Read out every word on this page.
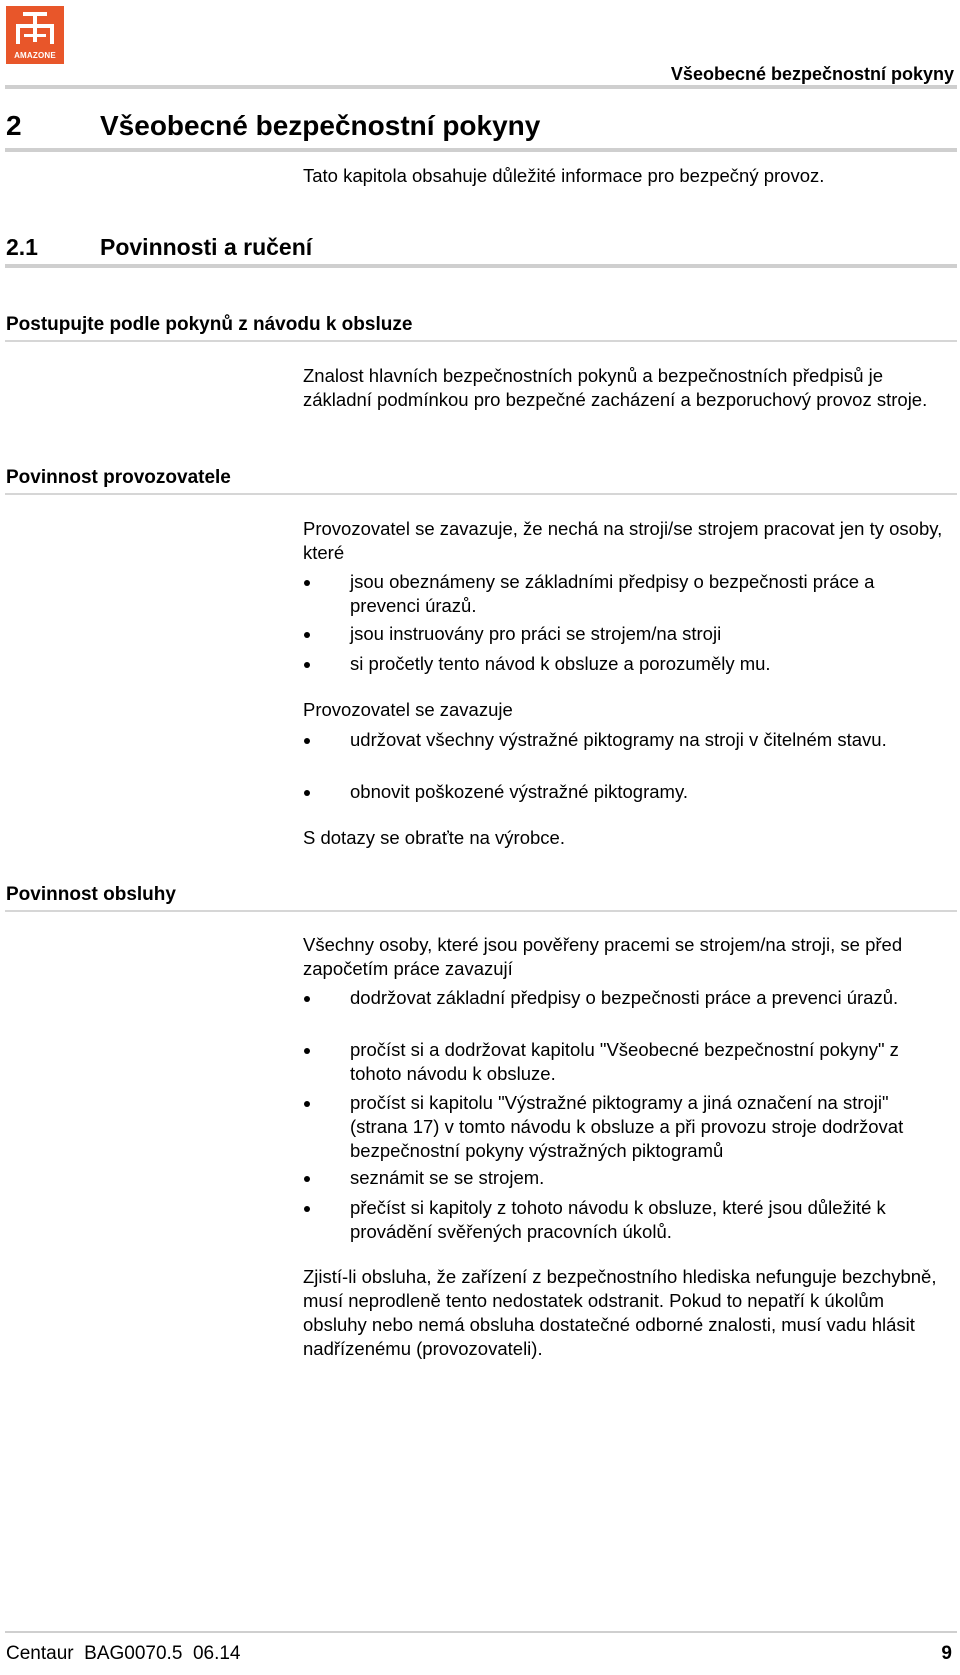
AMAZONE
Všeobecné bezpečnostní pokyny
2	Všeobecné bezpečnostní pokyny
Tato kapitola obsahuje důležité informace pro bezpečný provoz.
2.1	Povinnosti a ručení
Postupujte podle pokynů z návodu k obsluze
Znalost hlavních bezpečnostních pokynů a bezpečnostních předpisů je základní podmínkou pro bezpečné zacházení a bezporuchový provoz stroje.
Povinnost provozovatele
Provozovatel se zavazuje, že nechá na stroji/se strojem pracovat jen ty osoby, které
jsou obeznámeny se základními předpisy o bezpečnosti práce a prevenci úrazů.
jsou instruovány pro práci se strojem/na stroji
si pročetly tento návod k obsluze a porozuměly mu.
Provozovatel se zavazuje
udržovat všechny výstražné piktogramy na stroji v čitelném stavu.
obnovit poškozené výstražné piktogramy.
S dotazy se obraťte na výrobce.
Povinnost obsluhy
Všechny osoby, které jsou pověřeny pracemi se strojem/na stroji, se před započetím práce zavazují
dodržovat základní předpisy o bezpečnosti práce a prevenci úrazů.
pročíst si a dodržovat kapitolu "Všeobecné bezpečnostní pokyny" z tohoto návodu k obsluze.
pročíst si kapitolu "Výstražné piktogramy a jiná označení na stroji" (strana 17) v tomto návodu k obsluze a při provozu stroje dodržovat bezpečnostní pokyny výstražných piktogramů
seznámit se se strojem.
přečíst si kapitoly z tohoto návodu k obsluze, které jsou důležité k provádění svěřených pracovních úkolů.
Zjistí-li obsluha, že zařízení z bezpečnostního hlediska nefunguje bezchybně, musí neprodleně tento nedostatek odstranit. Pokud to nepatří k úkolům obsluhy nebo nemá obsluha dostatečné odborné znalosti, musí vadu hlásit nadřízenému (provozovateli).
Centaur  BAG0070.5  06.14	9
